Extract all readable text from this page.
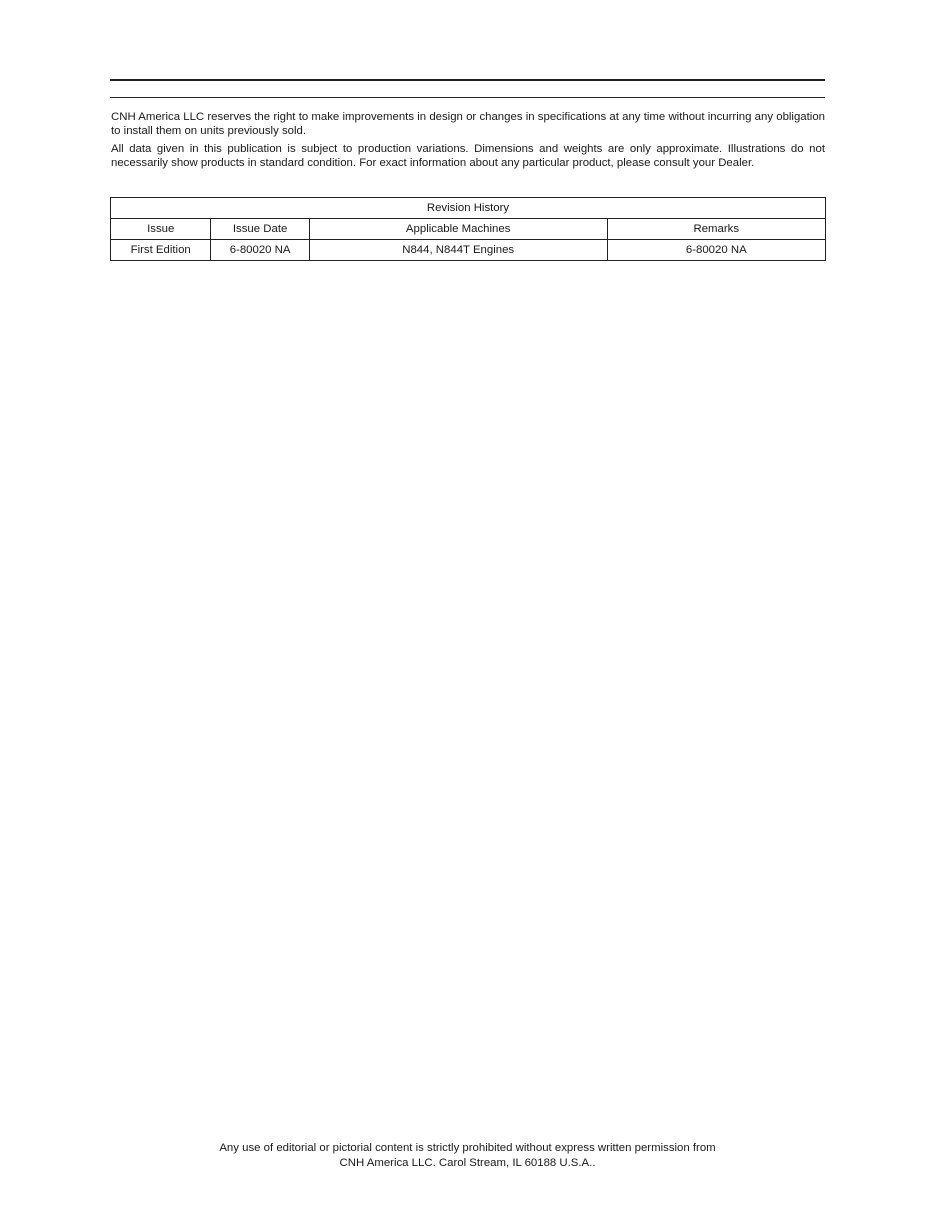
CNH America LLC reserves the right to make improvements in design or changes in specifications at any time without incurring any obligation to install them on units previously sold.

All data given in this publication is subject to production variations. Dimensions and weights are only approximate. Illustrations do not necessarily show products in standard condition. For exact information about any particular product, please consult your Dealer.

Revision History			
Issue	Issue Date	Applicable Machines	Remarks
First Edition	6-80020 NA	N844, N844T Engines	6-80020 NA
Any use of editorial or pictorial content is strictly prohibited without express written permission from
CNH America LLC. Carol Stream, IL 60188 U.S.A..
